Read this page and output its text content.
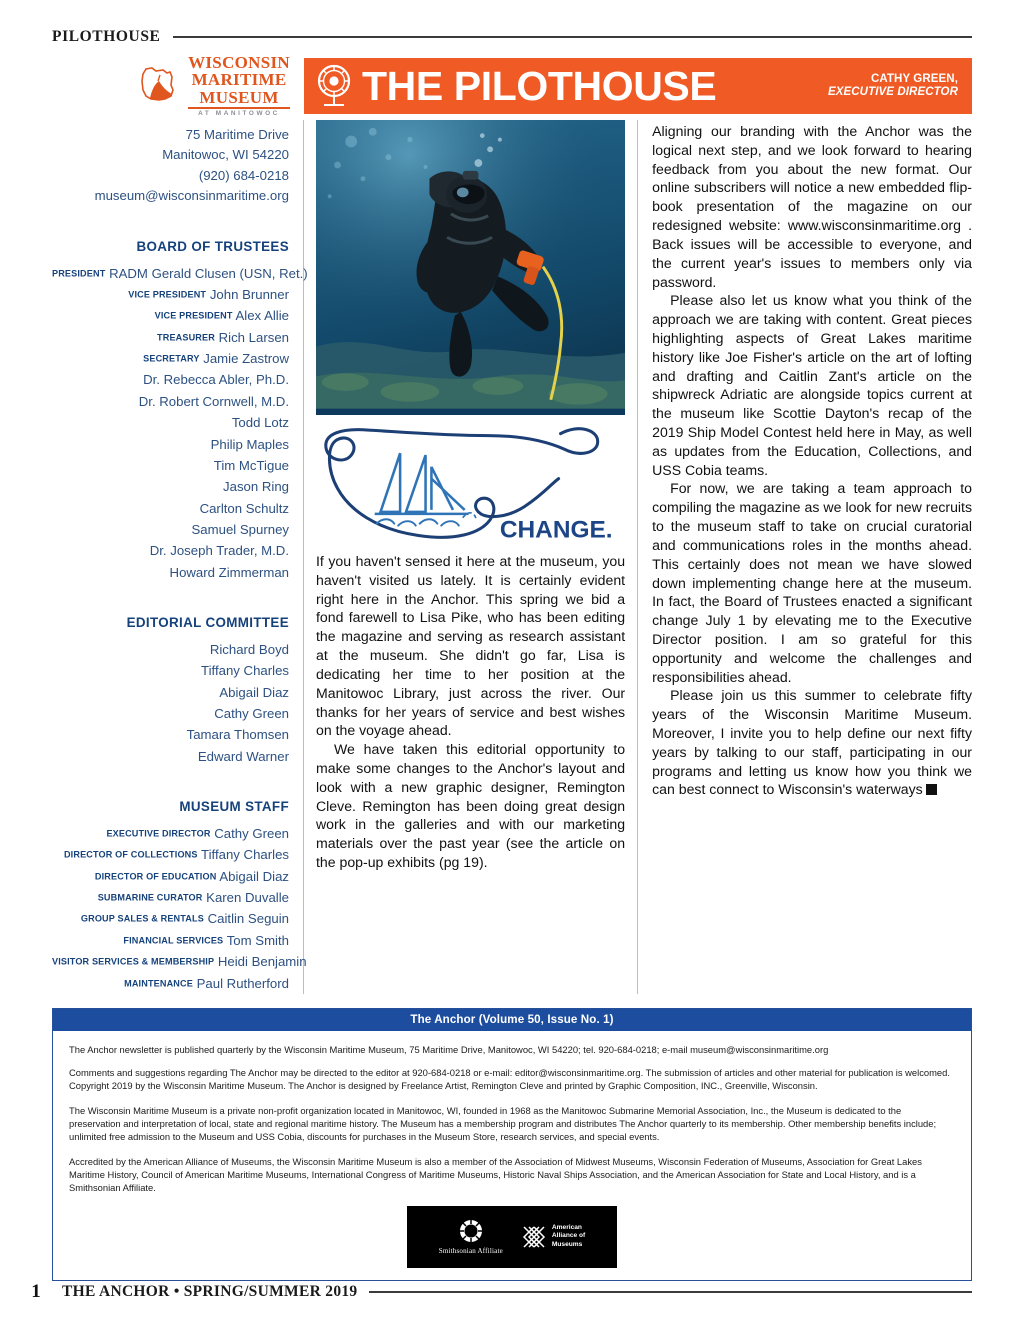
PILOTHOUSE
WISCONSIN
MARITIME
MUSEUM
AT MANITOWOC
THE PILOTHOUSE	CATHY GREEN,
EXECUTIVE DIRECTOR
75 Maritime Drive
Manitowoc, WI 54220
(920) 684-0218
museum@wisconsinmaritime.org
BOARD OF TRUSTEES
PRESIDENT RADM Gerald Clusen (USN, Ret.)
VICE PRESIDENT John Brunner
VICE PRESIDENT Alex Allie
TREASURER Rich Larsen
SECRETARY Jamie Zastrow
Dr. Rebecca Abler, Ph.D.
Dr. Robert Cornwell, M.D.
Todd Lotz
Philip Maples
Tim McTigue
Jason Ring
Carlton Schultz
Samuel Spurney
Dr. Joseph Trader, M.D.
Howard Zimmerman
EDITORIAL COMMITTEE
Richard Boyd
Tiffany Charles
Abigail Diaz
Cathy Green
Tamara Thomsen
Edward Warner
MUSEUM STAFF
EXECUTIVE DIRECTOR Cathy Green
DIRECTOR OF COLLECTIONS Tiffany Charles
DIRECTOR OF EDUCATION Abigail Diaz
SUBMARINE CURATOR Karen Duvalle
GROUP SALES & RENTALS Caitlin Seguin
FINANCIAL SERVICES Tom Smith
VISITOR SERVICES & MEMBERSHIP Heidi Benjamin
MAINTENANCE Paul Rutherford
CHANGE.

If you haven't sensed it here at the museum, you haven't visited us lately. It is certainly evident right here in the Anchor. This spring we bid a fond farewell to Lisa Pike, who has been editing the magazine and serving as research assistant at the museum. She didn't go far, Lisa is dedicating her time to her position at the Manitowoc Library, just across the river. Our thanks for her years of service and best wishes on the voyage ahead.

We have taken this editorial opportunity to make some changes to the Anchor's layout and look with a new graphic designer, Remington Cleve. Remington has been doing great design work in the galleries and with our marketing materials over the past year (see the article on the pop-up exhibits (pg 19).

Aligning our branding with the Anchor was the logical next step, and we look forward to hearing feedback from you about the new format. Our online subscribers will notice a new embedded flip-book presentation of the magazine on our redesigned website: www.wisconsinmaritime.org . Back issues will be accessible to everyone, and the current year's issues to members only via password.

Please also let us know what you think of the approach we are taking with content. Great pieces highlighting aspects of Great Lakes maritime history like Joe Fisher's article on the art of lofting and drafting and Caitlin Zant's article on the shipwreck Adriatic are alongside topics current at the museum like Scottie Dayton's recap of the 2019 Ship Model Contest held here in May, as well as updates from the Education, Collections, and USS Cobia teams.

For now, we are taking a team approach to compiling the magazine as we look for new recruits to the museum staff to take on crucial curatorial and communications roles in the months ahead. This certainly does not mean we have slowed down implementing change here at the museum. In fact, the Board of Trustees enacted a significant change July 1 by elevating me to the Executive Director position. I am so grateful for this opportunity and welcome the challenges and responsibilities ahead.

Please join us this summer to celebrate fifty years of the Wisconsin Maritime Museum. Moreover, I invite you to help define our next fifty years by talking to our staff, participating in our programs and letting us know how you think we can best connect to Wisconsin's waterways

The Anchor (Volume 50, Issue No. 1)

The Anchor newsletter is published quarterly by the Wisconsin Maritime Museum, 75 Maritime Drive, Manitowoc, WI 54220; tel. 920-684-0218; e-mail museum@wisconsinmaritime.org

Comments and suggestions regarding The Anchor may be directed to the editor at 920-684-0218 or e-mail: editor@wisconsinmaritime.org. The submission of articles and other material for publication is welcomed. Copyright 2019 by the Wisconsin Maritime Museum. The Anchor is designed by Freelance Artist, Remington Cleve and printed by Graphic Composition, INC., Greenville, Wisconsin.

The Wisconsin Maritime Museum is a private non-profit organization located in Manitowoc, WI, founded in 1968 as the Manitowoc Submarine Memorial Association, Inc., the Museum is dedicated to the preservation and interpretation of local, state and regional maritime history. The Museum has a membership program and distributes The Anchor quarterly to its membership. Other membership benefits include; unlimited free admission to the Museum and USS Cobia, discounts for purchases in the Museum Store, research services, and special events.

Accredited by the American Alliance of Museums, the Wisconsin Maritime Museum is also a member of the Association of Midwest Museums, Wisconsin Federation of Museums, Association for Great Lakes Maritime History, Council of American Maritime Museums, International Congress of Maritime Museums, Historic Naval Ships Association, and the American Association for State and Local History, and is a Smithsonian Affiliate.

Smithsonian Affiliate
American
Alliance of
Museums
1	THE ANCHOR • SPRING/SUMMER 2019
